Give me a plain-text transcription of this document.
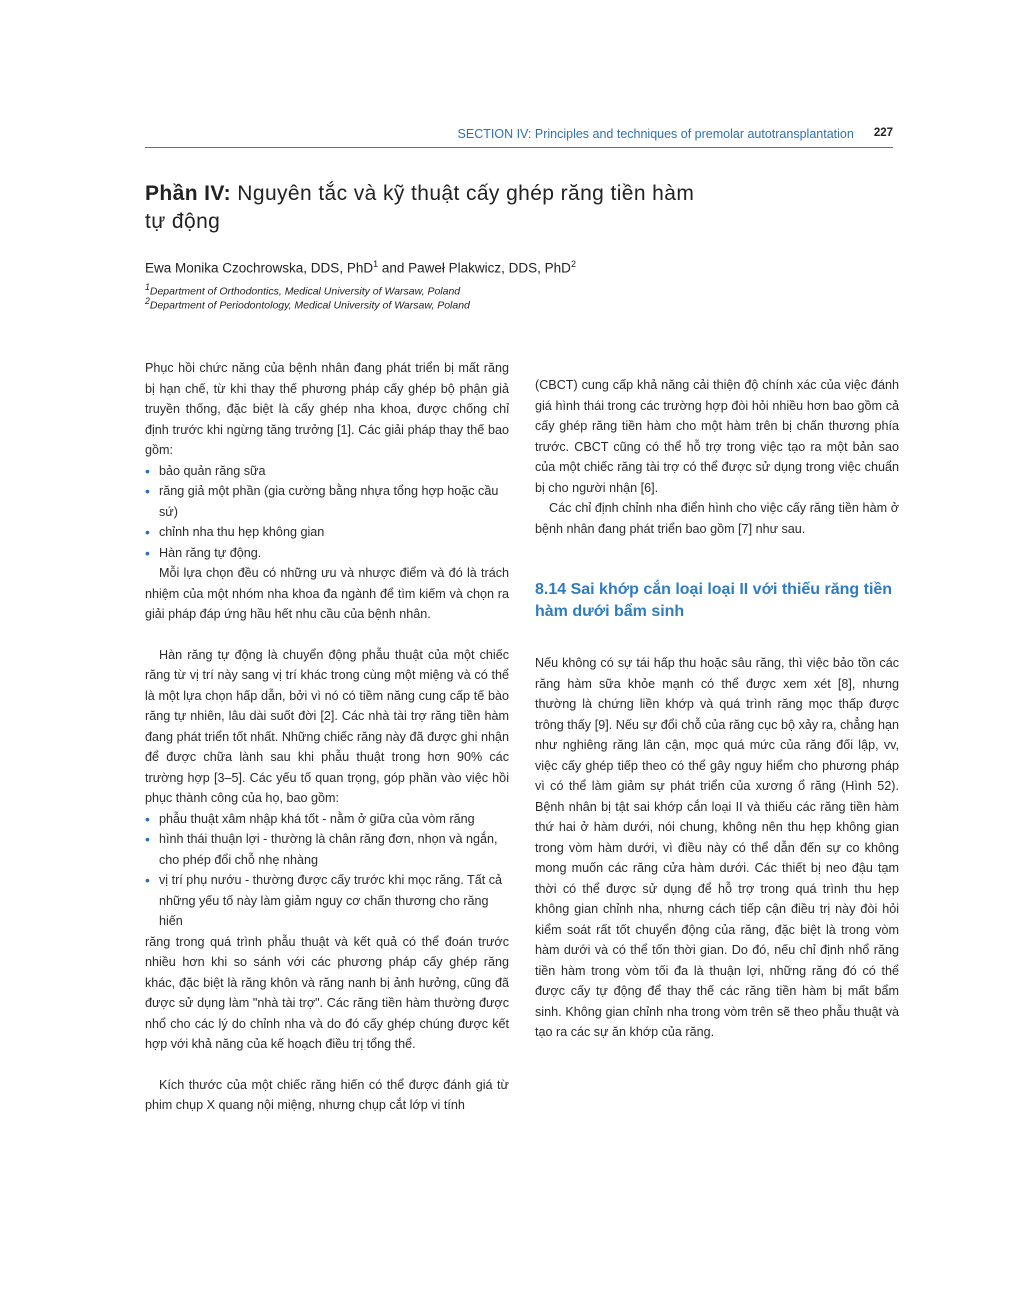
SECTION IV: Principles and techniques of premolar autotransplantation 227
Phần IV: Nguyên tắc và kỹ thuật cấy ghép răng tiền hàm tự động
Ewa Monika Czochrowska, DDS, PhD$^1$ and Paweł Plakwicz, DDS, PhD$^2$
$^1$Department of Orthodontics, Medical University of Warsaw, Poland
$^2$Department of Periodontology, Medical University of Warsaw, Poland

Phục hồi chức năng của bệnh nhân đang phát triển bị mất răng bị hạn chế, từ khi thay thế phương pháp cấy ghép bộ phận giả truyền thống, đặc biệt là cấy ghép nha khoa, được chống chỉ định trước khi ngừng tăng trưởng [1]. Các giải pháp thay thế bao gồm:

• bảo quản răng sữa
• răng giả một phần (gia cường bằng nhựa tổng hợp hoặc cầu sứ)
• chỉnh nha thu hẹp không gian
• Hàn răng tự động.

Mỗi lựa chọn đều có những ưu và nhược điểm và đó là trách nhiệm của một nhóm nha khoa đa ngành để tìm kiếm và chọn ra giải pháp đáp ứng hầu hết nhu cầu của bệnh nhân.

Hàn răng tự động là chuyển động phẫu thuật của một chiếc răng từ vị trí này sang vị trí khác trong cùng một miệng và có thể là một lựa chọn hấp dẫn, bởi vì nó có tiềm năng cung cấp tế bào răng tự nhiên, lâu dài suốt đời [2]. Các nhà tài trợ răng tiền hàm đang phát triển tốt nhất. Những chiếc răng này đã được ghi nhận để được chữa lành sau khi phẫu thuật trong hơn 90% các trường hợp [3–5]. Các yếu tố quan trọng, góp phần vào việc hồi phục thành công của họ, bao gồm:

• phẫu thuật xâm nhập khá tốt - nằm ở giữa của vòm răng
• hình thái thuận lợi - thường là chân răng đơn, nhọn và ngắn, cho phép đổi chỗ nhẹ nhàng
• vị trí phụ nướu - thường được cấy trước khi mọc răng. Tất cả những yếu tố này làm giảm nguy cơ chấn thương cho răng hiến

răng trong quá trình phẫu thuật và kết quả có thể đoán trước nhiều hơn khi so sánh với các phương pháp cấy ghép răng khác, đặc biệt là răng khôn và răng nanh bị ảnh hưởng, cũng đã được sử dụng làm "nhà tài trợ". Các răng tiền hàm thường được nhổ cho các lý do chỉnh nha và do đó cấy ghép chúng được kết hợp với khả năng của kế hoạch điều trị tổng thể.

Kích thước của một chiếc răng hiến có thể được đánh giá từ phim chụp X quang nội miệng, nhưng chụp cắt lớp vi tính

(CBCT) cung cấp khả năng cải thiện độ chính xác của việc đánh giá hình thái trong các trường hợp đòi hỏi nhiều hơn bao gồm cả cấy ghép răng tiền hàm cho một hàm trên bị chấn thương phía trước. CBCT cũng có thể hỗ trợ trong việc tạo ra một bản sao của một chiếc răng tài trợ có thể được sử dụng trong việc chuẩn bị cho người nhận [6].

Các chỉ định chỉnh nha điển hình cho việc cấy răng tiền hàm ở bệnh nhân đang phát triển bao gồm [7] như sau.

8.14 Sai khớp cắn loại loại II với thiếu răng tiền hàm dưới bẩm sinh

Nếu không có sự tái hấp thu hoặc sâu răng, thì việc bảo tồn các răng hàm sữa khỏe mạnh có thể được xem xét [8], nhưng thường là chứng liền khớp và quá trình răng mọc thấp được trông thấy [9]. Nếu sự đổi chỗ của răng cục bộ xảy ra, chẳng hạn như nghiêng răng lân cận, mọc quá mức của răng đối lập, vv, việc cấy ghép tiếp theo có thể gây nguy hiểm cho phương pháp vì có thể làm giảm sự phát triển của xương ổ răng (Hình 52). Bệnh nhân bị tật sai khớp cắn loại II và thiếu các răng tiền hàm thứ hai ở hàm dưới, nói chung, không nên thu hẹp không gian trong vòm hàm dưới, vì điều này có thể dẫn đến sự co không mong muốn các răng cửa hàm dưới. Các thiết bị neo đậu tạm thời có thể được sử dụng để hỗ trợ trong quá trình thu hẹp không gian chỉnh nha, nhưng cách tiếp cận điều trị này đòi hỏi kiểm soát rất tốt chuyển động của răng, đặc biệt là trong vòm hàm dưới và có thể tốn thời gian. Do đó, nếu chỉ định nhổ răng tiền hàm trong vòm tối đa là thuận lợi, những răng đó có thể được cấy tự động để thay thế các răng tiền hàm bị mất bẩm sinh. Không gian chỉnh nha trong vòm trên sẽ theo phẫu thuật và tạo ra các sự ăn khớp của răng.
